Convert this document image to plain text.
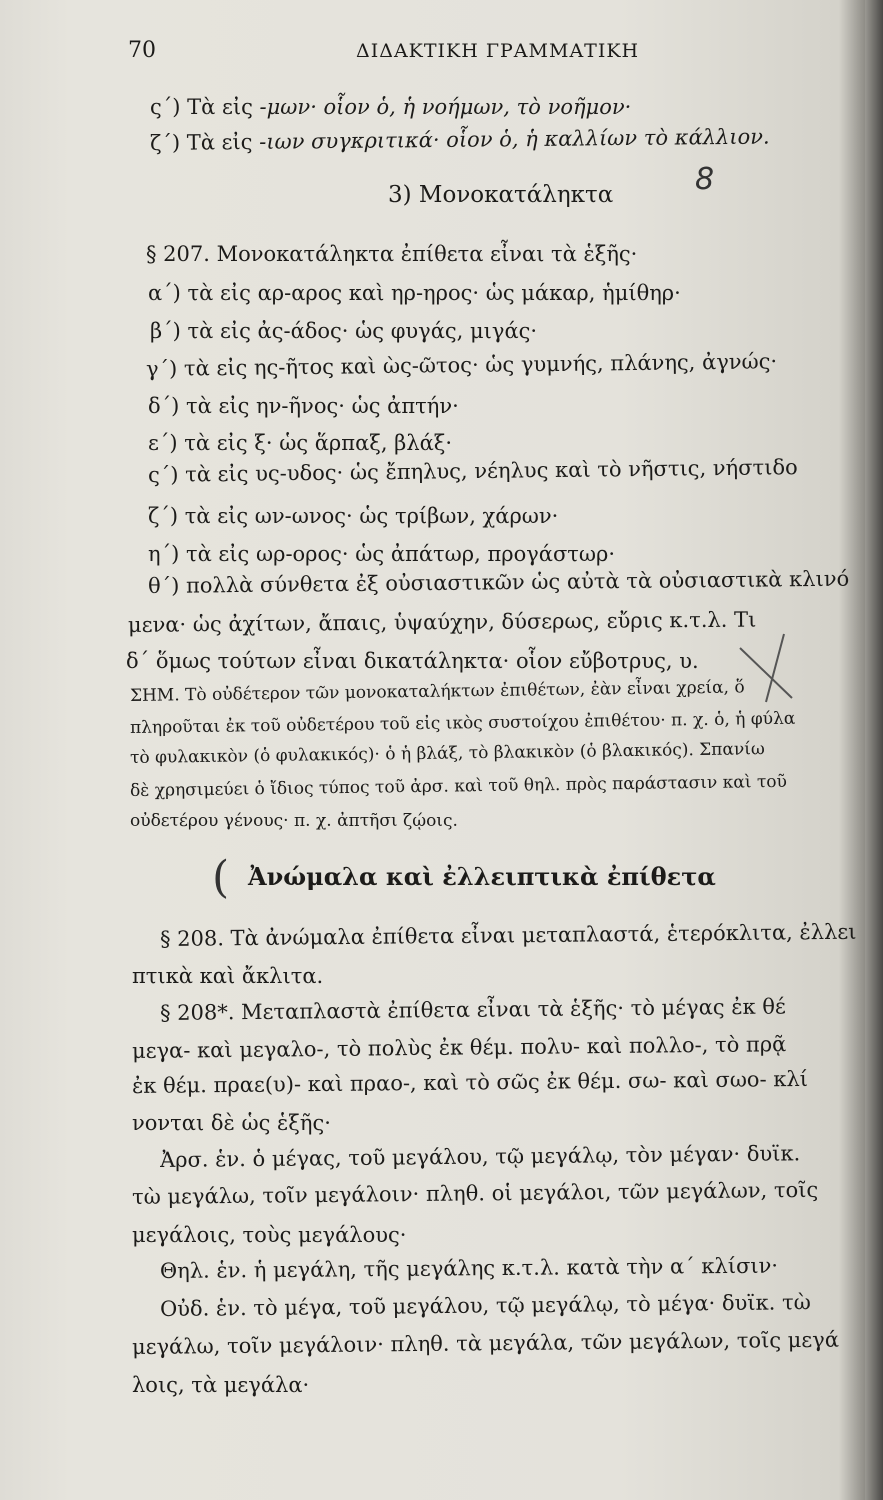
70	ΔΙΔΑΚΤΙΚΗ ΓΡΑΜΜΑΤΙΚΗ
ς΄) Τὰ εἰς -μων· οἷον ὁ, ἡ νοήμων, τὸ νοῆμον·
ζ΄) Τὰ εἰς -ιων συγκριτικά· οἷον ὁ, ἡ καλλίων τὸ κάλλιον.
3) Μονοκατάληκτα	8
§ 207. Μονοκατάληκτα ἐπίθετα εἶναι τὰ ἑξῆς·
α΄) τὰ εἰς αρ-αρος καὶ ηρ-ηρος· ὡς μάκαρ, ἡμίθηρ·
β΄) τὰ εἰς ἀς-άδος· ὡς φυγάς, μιγάς·
γ΄) τὰ εἰς ης-ῆτος καὶ ὼς-ῶτος· ὡς γυμνής, πλάνης, ἀγνώς·
δ΄) τὰ εἰς ην-ῆνος· ὡς ἀπτήν·
ε΄) τὰ εἰς ξ· ὡς ἅρπαξ, βλάξ·
ς΄) τὰ εἰς υς-υδος· ὡς ἔπηλυς, νέηλυς καὶ τὸ νῆστις, νήστιδο
ζ΄) τὰ εἰς ων-ωνος· ὡς τρίβων, χάρων·
η΄) τὰ εἰς ωρ-ορος· ὡς ἀπάτωρ, προγάστωρ·
θ΄) πολλὰ σύνθετα ἐξ οὐσιαστικῶν ὡς αὐτὰ τὰ οὐσιαστικὰ κλινό
μενα· ὡς ἀχίτων, ἄπαις, ὑψαύχην, δύσερως, εὔρις κ.τ.λ. Τι
δ΄ ὅμως τούτων εἶναι δικατάληκτα· οἷον εὔβοτρυς, υ.
ΣΗΜ. Τὸ οὐδέτερον τῶν μονοκαταλήκτων ἐπιθέτων, ἐὰν εἶναι χρεία, ὅ
πληροῦται ἐκ τοῦ οὐδετέρου τοῦ εἰς ικὸς συστοίχου ἐπιθέτου· π. χ. ὁ, ἡ φύλα
τὸ φυλακικὸν (ὁ φυλακικός)· ὁ ἡ βλάξ, τὸ βλακικὸν (ὁ βλακικός). Σπανίω
δὲ χρησιμεύει ὁ ἴδιος τύπος τοῦ ἀρσ. καὶ τοῦ θηλ. πρὸς παράστασιν καὶ τοῦ
οὐδετέρου γένους· π. χ. ἀπτῆσι ζῴοις.
( Ἀνώμαλα καὶ ἐλλειπτικὰ ἐπίθετα
§ 208. Τὰ ἀνώμαλα ἐπίθετα εἶναι μεταπλαστά, ἑτερόκλιτα, ἐλλει
πτικὰ καὶ ἄκλιτα.
§ 208*. Μεταπλαστὰ ἐπίθετα εἶναι τὰ ἑξῆς· τὸ μέγας ἐκ θέ
μεγα- καὶ μεγαλο-, τὸ πολὺς ἐκ θέμ. πολυ- καὶ πολλο-, τὸ πρᾷ
ἐκ θέμ. πραε(υ)- καὶ πραο-, καὶ τὸ σῶς ἐκ θέμ. σω- καὶ σωο- κλί
νονται δὲ ὡς ἑξῆς·
Ἀρσ. ἑν. ὁ μέγας, τοῦ μεγάλου, τῷ μεγάλῳ, τὸν μέγαν· δυϊκ.
τὼ μεγάλω, τοῖν μεγάλοιν· πληθ. οἱ μεγάλοι, τῶν μεγάλων, τοῖς
μεγάλοις, τοὺς μεγάλους·
Θηλ. ἑν. ἡ μεγάλη, τῆς μεγάλης κ.τ.λ. κατὰ τὴν α΄ κλίσιν·
Οὐδ. ἑν. τὸ μέγα, τοῦ μεγάλου, τῷ μεγάλῳ, τὸ μέγα· δυϊκ. τὼ
μεγάλω, τοῖν μεγάλοιν· πληθ. τὰ μεγάλα, τῶν μεγάλων, τοῖς μεγά
λοις, τὰ μεγάλα·
